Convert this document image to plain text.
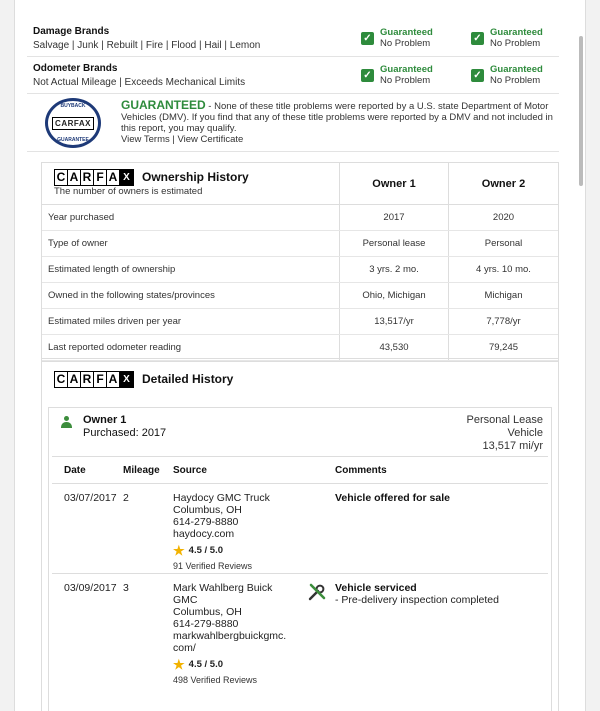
Damage Brands
Salvage | Junk | Rebuilt | Fire | Flood | Hail | Lemon
✓ Guaranteed
No Problem	✓ Guaranteed
No Problem
Odometer Brands
Not Actual Mileage | Exceeds Mechanical Limits
✓ Guaranteed
No Problem	✓ Guaranteed
No Problem
BUYBACK
CARFAX
GUARANTEE
GUARANTEED - None of these title problems were reported by a U.S. state Department of Motor Vehicles (DMV). If you find that any of these title problems were reported by a DMV and not included in this report, you may qualify.
View Terms | View Certificate
C A R F A X Ownership History
The number of owners is estimated
Owner 1	Owner 2
Year purchased	2017	2020
Type of owner	Personal lease	Personal
Estimated length of ownership	3 yrs. 2 mo.	4 yrs. 10 mo.
Owned in the following states/provinces	Ohio, Michigan	Michigan
Estimated miles driven per year	13,517/yr	7,778/yr
Last reported odometer reading	43,530	79,245
C A R F A X Detailed History
Owner 1
Purchased: 2017
Personal Lease
Vehicle
13,517 mi/yr
Date	Mileage	Source	Comments
03/07/2017 2	Haydocy GMC Truck
Columbus, OH
614-279-8880
haydocy.com
★ 4.5 / 5.0
91 Verified Reviews
Vehicle offered for sale
03/09/2017 3	Mark Wahlberg Buick
GMC
Columbus, OH
614-279-8880
markwahlbergbuickgmc.
com/
★ 4.5 / 5.0
498 Verified Reviews
Vehicle serviced
- Pre-delivery inspection completed
